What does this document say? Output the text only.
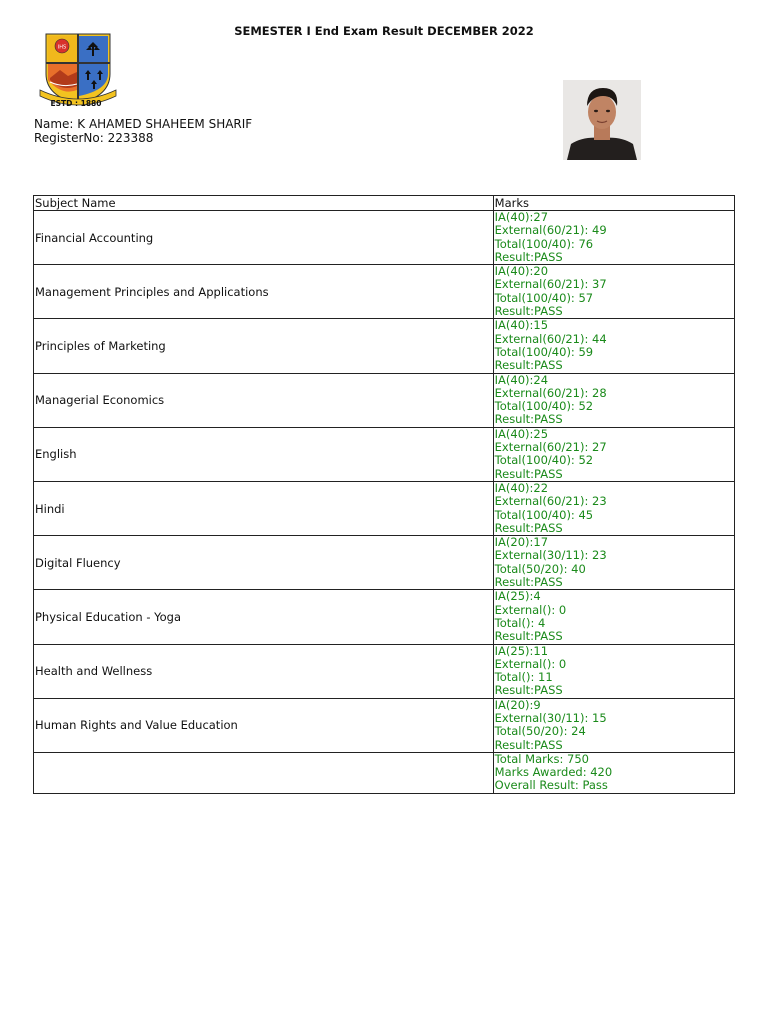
SEMESTER I End Exam Result DECEMBER 2022
IHS
ESTD : 1880
Name: K AHAMED SHAHEEM SHARIF
RegisterNo: 223388
Subject Name	Marks
Financial Accounting	IA(40):27
External(60/21): 49
Total(100/40): 76
Result:PASS

Management Principles and Applications	IA(40):20
External(60/21): 37
Total(100/40): 57
Result:PASS

Principles of Marketing	IA(40):15
External(60/21): 44
Total(100/40): 59
Result:PASS

Managerial Economics	IA(40):24
External(60/21): 28
Total(100/40): 52
Result:PASS

English	IA(40):25
External(60/21): 27
Total(100/40): 52
Result:PASS

Hindi	IA(40):22
External(60/21): 23
Total(100/40): 45
Result:PASS

Digital Fluency	IA(20):17
External(30/11): 23
Total(50/20): 40
Result:PASS

Physical Education - Yoga	IA(25):4
External(): 0
Total(): 4
Result:PASS

Health and Wellness	IA(25):11
External(): 0
Total(): 11
Result:PASS

Human Rights and Value Education	IA(20):9
External(30/11): 15
Total(50/20): 24
Result:PASS

	Total Marks: 750
Marks Awarded: 420
Overall Result: Pass
